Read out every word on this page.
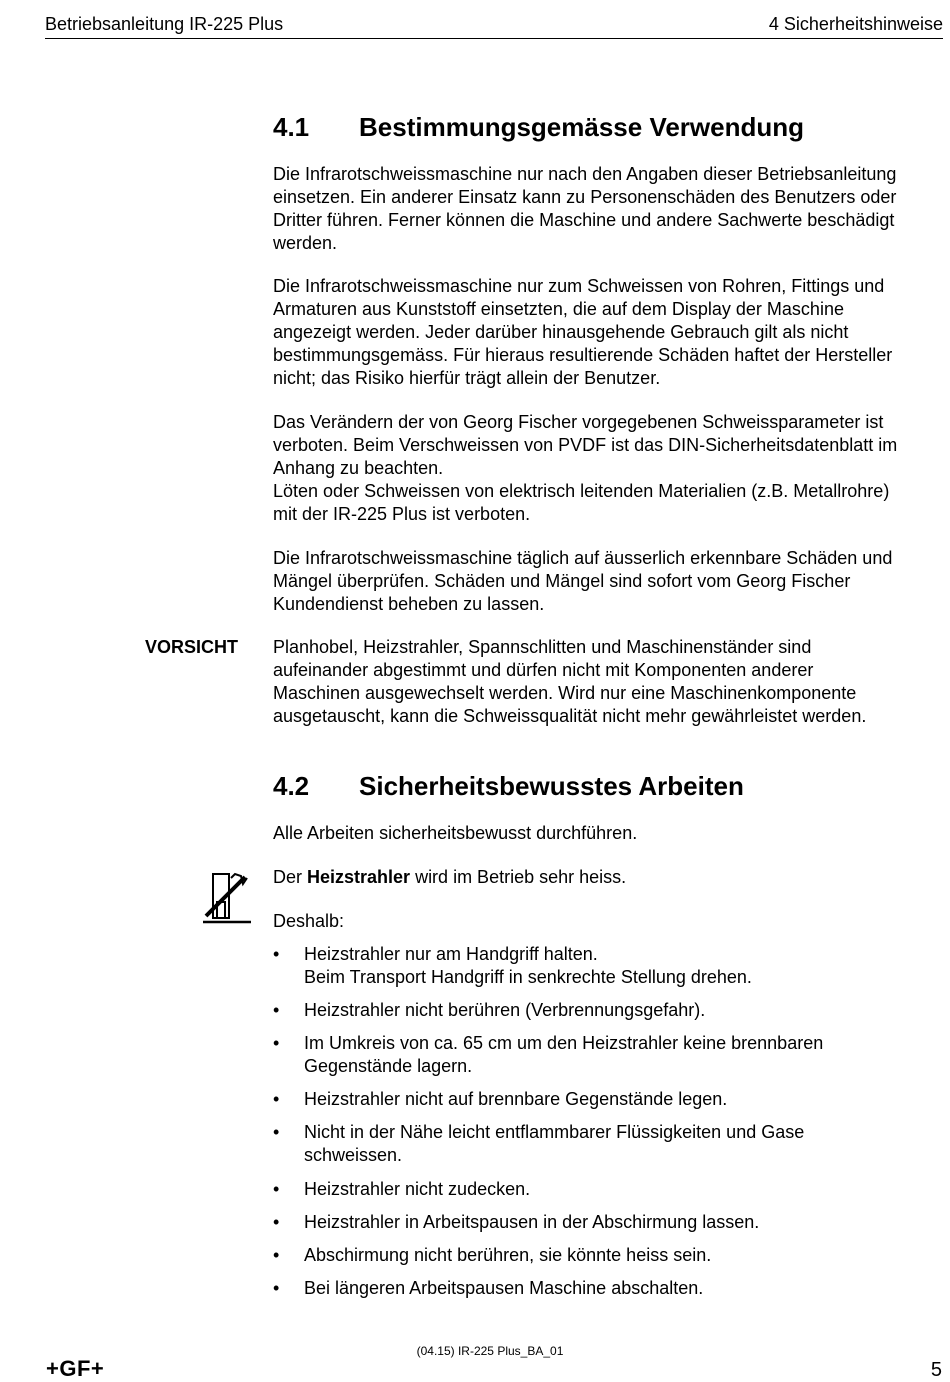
Betriebsanleitung IR-225 Plus	4 Sicherheitshinweise
4.1 Bestimmungsgemässe Verwendung
Die Infrarotschweissmaschine nur nach den Angaben dieser Betriebsanleitung
einsetzen. Ein anderer Einsatz kann zu Personenschäden des Benutzers oder
Dritter führen. Ferner können die Maschine und andere Sachwerte beschädigt
werden.
Die Infrarotschweissmaschine nur zum Schweissen von Rohren, Fittings und
Armaturen aus Kunststoff einsetzten, die auf dem Display der Maschine
angezeigt werden. Jeder darüber hinausgehende Gebrauch gilt als nicht
bestimmungsgemäss. Für hieraus resultierende Schäden haftet der Hersteller
nicht; das Risiko hierfür trägt allein der Benutzer.
Das Verändern der von Georg Fischer vorgegebenen Schweissparameter ist
verboten. Beim Verschweissen von PVDF ist das DIN-Sicherheitsdatenblatt im
Anhang zu beachten.
Löten oder Schweissen von elektrisch leitenden Materialien (z.B. Metallrohre)
mit der IR-225 Plus ist verboten.
Die Infrarotschweissmaschine täglich auf äusserlich erkennbare Schäden und
Mängel überprüfen. Schäden und Mängel sind sofort vom Georg Fischer
Kundendienst beheben zu lassen.
VORSICHT Planhobel, Heizstrahler, Spannschlitten und Maschinenständer sind
aufeinander abgestimmt und dürfen nicht mit Komponenten anderer
Maschinen ausgewechselt werden. Wird nur eine Maschinenkomponente
ausgetauscht, kann die Schweissqualität nicht mehr gewährleistet werden.
4.2 Sicherheitsbewusstes Arbeiten
Alle Arbeiten sicherheitsbewusst durchführen.
Der Heizstrahler wird im Betrieb sehr heiss.
Deshalb:
• Heizstrahler nur am Handgriff halten.
Beim Transport Handgriff in senkrechte Stellung drehen.
• Heizstrahler nicht berühren (Verbrennungsgefahr).
• Im Umkreis von ca. 65 cm um den Heizstrahler keine brennbaren
Gegenstände lagern.
• Heizstrahler nicht auf brennbare Gegenstände legen.
• Nicht in der Nähe leicht entflammbarer Flüssigkeiten und Gase
schweissen.
• Heizstrahler nicht zudecken.
• Heizstrahler in Arbeitspausen in der Abschirmung lassen.
• Abschirmung nicht berühren, sie könnte heiss sein.
• Bei längeren Arbeitspausen Maschine abschalten.
(04.15) IR-225 Plus_BA_01
+GF+	5
